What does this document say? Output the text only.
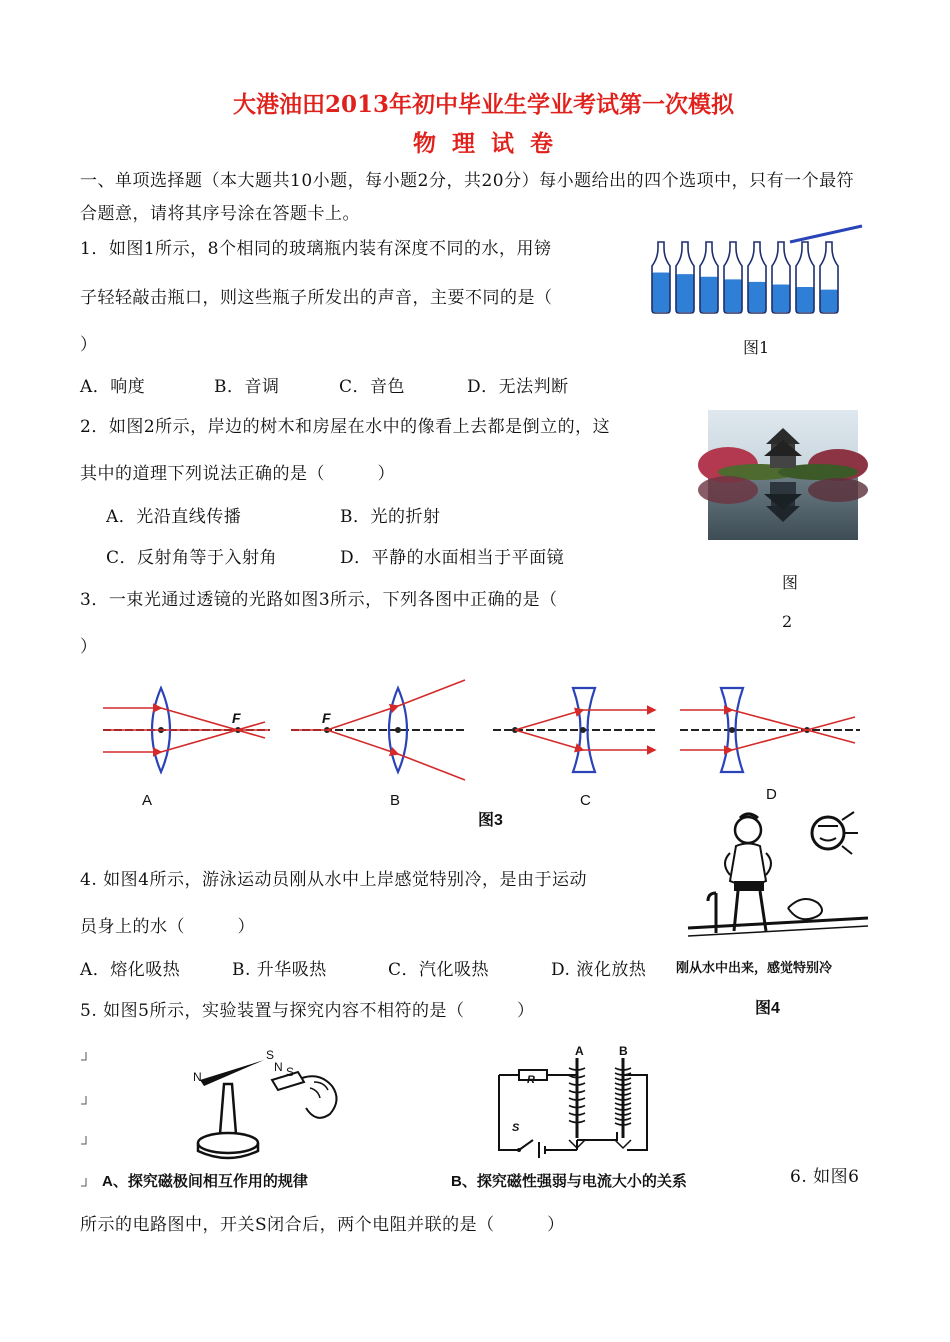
大港油田2013年初中毕业生学业考试第一次模拟
物 理 试 卷
一、单项选择题（本大题共10小题，每小题2分，共20分）每小题给出的四个选项中，只有一个最符
合题意，请将其序号涂在答题卡上。
1．如图1所示，8个相同的玻璃瓶内装有深度不同的水，用镑
子轻轻敲击瓶口，则这些瓶子所发出的声音，主要不同的是（
）
A．响度	B．音调	C．音色	D．无法判断
图1
2．如图2所示，岸边的树木和房屋在水中的像看上去都是倒立的，这
其中的道理下列说法正确的是（　　　）
A．光沿直线传播	B．光的折射
C．反射角等于入射角	D．平静的水面相当于平面镜
图
2
3．一束光通过透镜的光路如图3所示，下列各图中正确的是（
）
F	F
A	B	C	D
图3
4. 如图4所示，游泳运动员刚从水中上岸感觉特别冷，是由于运动
员身上的水（　　　）
A．熔化吸热	B. 升华吸热	C．汽化吸热	D. 液化放热 刚从水中出来，感觉特别冷
图4
5. 如图5所示，实验装置与探究内容不相符的是（　　　）
N
S
N S
A、探究磁极间相互作用的规律
A	B
R
S
B、探究磁性强弱与电流大小的关系	6. 如图6
所示的电路图中，开关S闭合后，两个电阻并联的是（　　　）
